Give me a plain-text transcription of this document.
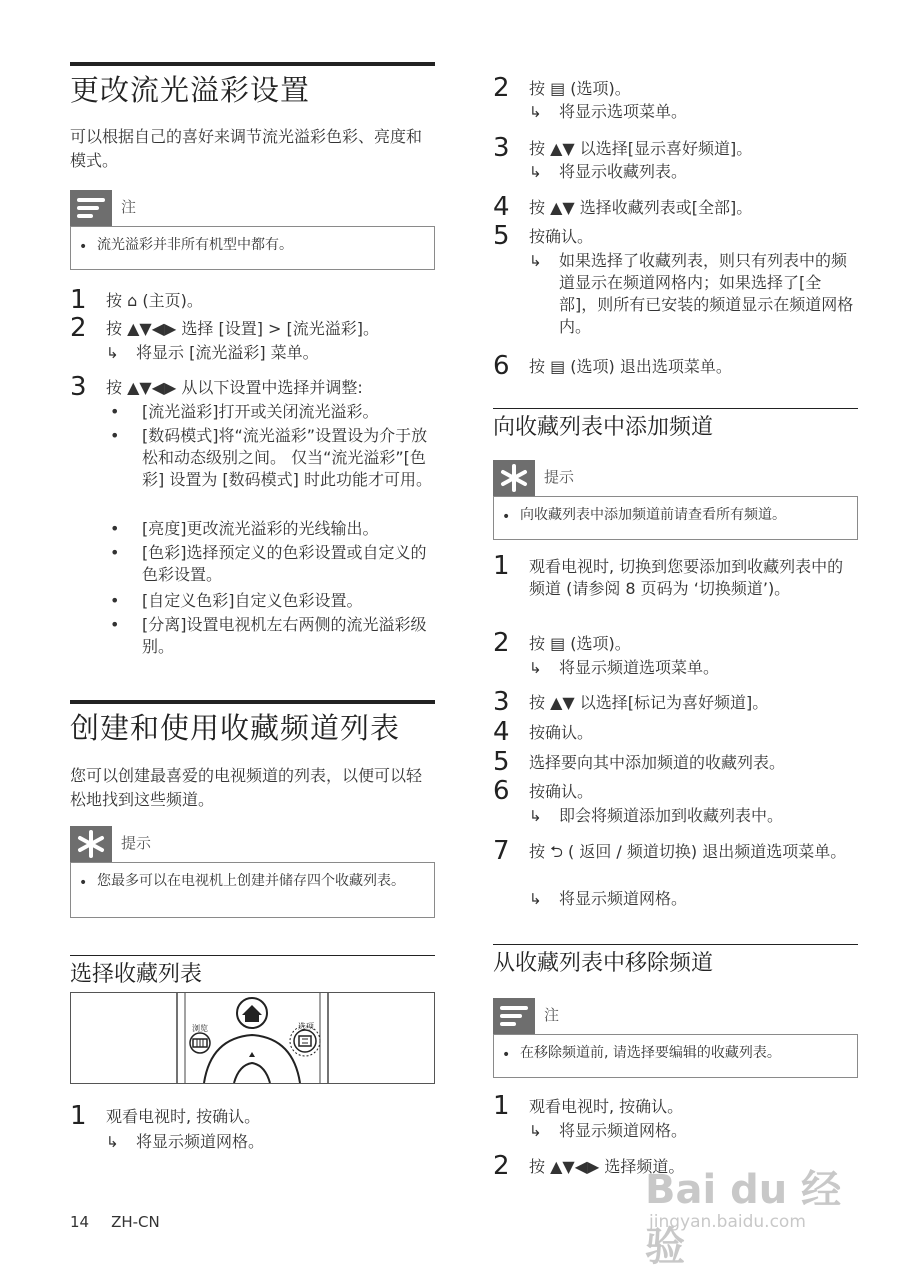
更改流光溢彩设置
可以根据自己的喜好来调节流光溢彩色彩、亮度和模式。
注
• 流光溢彩并非所有机型中都有。
1 按 ⌂ (主页)。
2 按 ▲▼◀▶ 选择 [设置] > [流光溢彩]。
↳ 将显示 [流光溢彩] 菜单。
3 按 ▲▼◀▶ 从以下设置中选择并调整:
• [流光溢彩]打开或关闭流光溢彩。
• [数码模式]将“流光溢彩”设置设为介于放松和动态级别之间。 仅当“流光溢彩”[色彩] 设置为 [数码模式] 时此功能才可用。
• [亮度]更改流光溢彩的光线输出。
• [色彩]选择预定义的色彩设置或自定义的色彩设置。
• [自定义色彩]自定义色彩设置。
• [分离]设置电视机左右两侧的流光溢彩级别。
创建和使用收藏频道列表
您可以创建最喜爱的电视频道的列表，以便可以轻松地找到这些频道。
提示
• 您最多可以在电视机上创建并储存四个收藏列表。
选择收藏列表
浏览	选项
1 观看电视时, 按确认。
↳ 将显示频道网格。
2 按 ▤ (选项)。
↳ 将显示选项菜单。
3 按 ▲▼ 以选择[显示喜好频道]。
↳ 将显示收藏列表。
4 按 ▲▼ 选择收藏列表或[全部]。
5 按确认。
↳ 如果选择了收藏列表，则只有列表中的频道显示在频道网格内；如果选择了[全部]，则所有已安装的频道显示在频道网格内。
6 按 ▤ (选项) 退出选项菜单。
向收藏列表中添加频道
提示
• 向收藏列表中添加频道前请查看所有频道。
1 观看电视时, 切换到您要添加到收藏列表中的频道 (请参阅 8 页码为 ‘切换频道’)。
2 按 ▤ (选项)。
↳ 将显示频道选项菜单。
3 按 ▲▼ 以选择[标记为喜好频道]。
4 按确认。
5 选择要向其中添加频道的收藏列表。
6 按确认。
↳ 即会将频道添加到收藏列表中。
7 按 ⮌ ( 返回 / 频道切换) 退出频道选项菜单。
↳ 将显示频道网格。
从收藏列表中移除频道
注
• 在移除频道前, 请选择要编辑的收藏列表。
1 观看电视时, 按确认。
↳ 将显示频道网格。
2 按 ▲▼◀▶ 选择频道。
14 ZH-CN
Bai du 经验
jingyan.baidu.com
